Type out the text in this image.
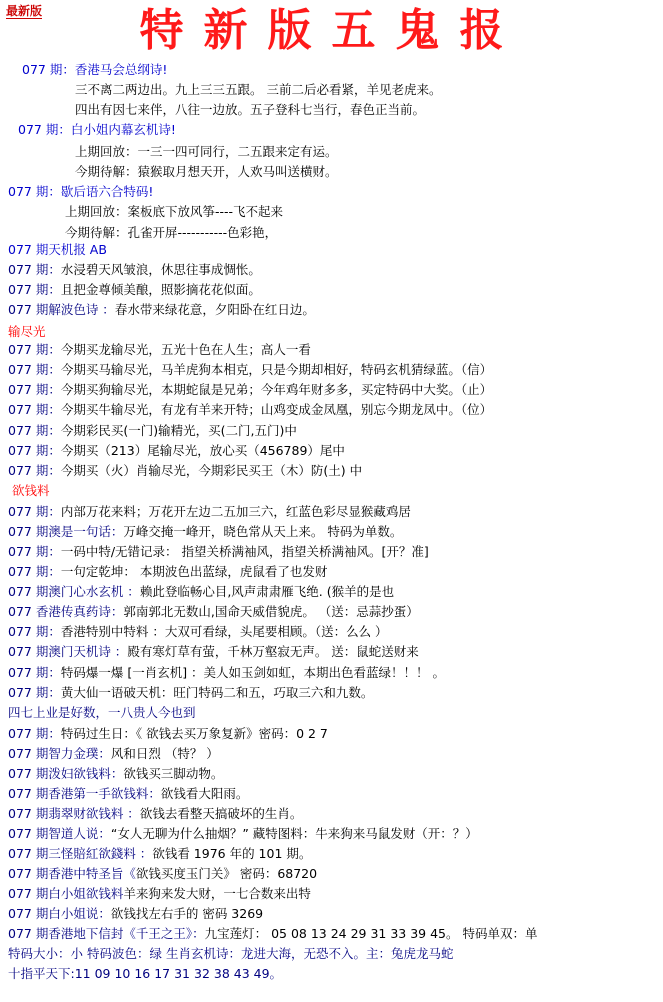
最新版	特新版五鬼报
077 期：香港马会总纲诗!
三不离二两边出。九上三三五跟。 三前二后必看紧，羊见老虎来。
四出有因七来伴，八往一边放。五子登科七当行，春色正当前。
077 期：白小姐内幕玄机诗!
上期回放：一三一四可同行，二五跟来定有运。
今期待解：猿猴取月想天开，人欢马叫送横财。
077 期：歇后语六合特码!
上期回放：案板底下放风筝----飞不起来
今期待解：孔雀开屏-----------色彩艳，
077 期天机报 AB
077 期：水浸碧天风皱浪，休思往事成惆怅。
077 期：且把金尊倾美酿，照影摘花花似面。
077 期解波色诗 ：春水带来绿花意，夕阳卧在红日边。
输尽光
077 期：今期买龙输尽光，五光十色在人生；高人一看
077 期：今期买马输尽光，马羊虎狗本相克，只是今期却相好，特码玄机猜绿蓝。（信）
077 期：今期买狗输尽光，本期蛇鼠是兄弟；今年鸡年财多多，买定特码中大奖。（止）
077 期：今期买牛输尽光，有龙有羊来开特；山鸡变成金凤凰，别忘今期龙凤中。（位）
077 期：今期彩民买(一门)输精光，买(二门,五门)中
077 期：今期买（213）尾输尽光，放心买（456789）尾中
077 期：今期买（火）肖输尽光，今期彩民买王（木）防(土) 中
欲钱料
077 期：内部万花来料；万花开左边二五加三六，红蓝色彩尽显猴藏鸡居
077 期澳是一句话：万峰交掩一峰开，晓色常从天上来。 特码为单数。
077 期：一码中特/无错记录： 指望关桥满袖风，指望关桥满袖风。[开？准]
077 期：一句定乾坤： 本期波色出蓝绿，虎鼠看了也发财
077 期澳门心水玄机 ：赖此登临畅心目,风声肃肃雁飞绝. (猴羊的是也
077 香港传真药诗：郭南郭北无数山,国命天威借貌虎。 （送：忌蒜抄蛋）
077 期：香港特别中特料 ：大双可看绿，头尾要相顾。（送：么么 ）
077 期澳门天机诗 ：殿有寒灯草有萤，千林万壑寂无声。 送：鼠蛇送财来
077 期：特码爆一爆 [一肖玄机] ：美人如玉剑如虹，本期出色看蓝绿！！！ 。
077 期：黄大仙一语破天机：旺门特码二和五，巧取三六和九数。
四七上业是好数，一八贵人今也到
077 期：特码过生日：《 欲钱去买万象复新》密码：0 2 7
077 期智力金璞：风和日烈 （特？ ）
077 期泼妇欲钱料：欲钱买三脚动物。
077 期香港第一手欲钱料：欲钱看大阳雨。
077 期翡翠财欲钱料 ：欲钱去看整天搞破坏的生肖。
077 期智道人说：“女人无聊为什么抽烟？” 藏特图料：牛来狗来马鼠发财（开：？）
077 期三怪賠紅欲錢料 ：欲钱看 1976 年的 101 期。
077 期香港中特圣旨《欲钱买度玉门关》 密码：68720
077 期白小姐欲钱料羊来狗来发大财，一七合数来出特
077 期白小姐说：欲钱找左右手的 密码 3269
077 期香港地下信封《千王之王》：九宝莲灯： 05 08 13 24 29 31 33 39 45。 特码单双：单
特码大小：小 特码波色：绿 生肖玄机诗：龙进大海，无恐不入。主：兔虎龙马蛇
十指平天下:11 09 10 16 17 31 32 38 43 49。
